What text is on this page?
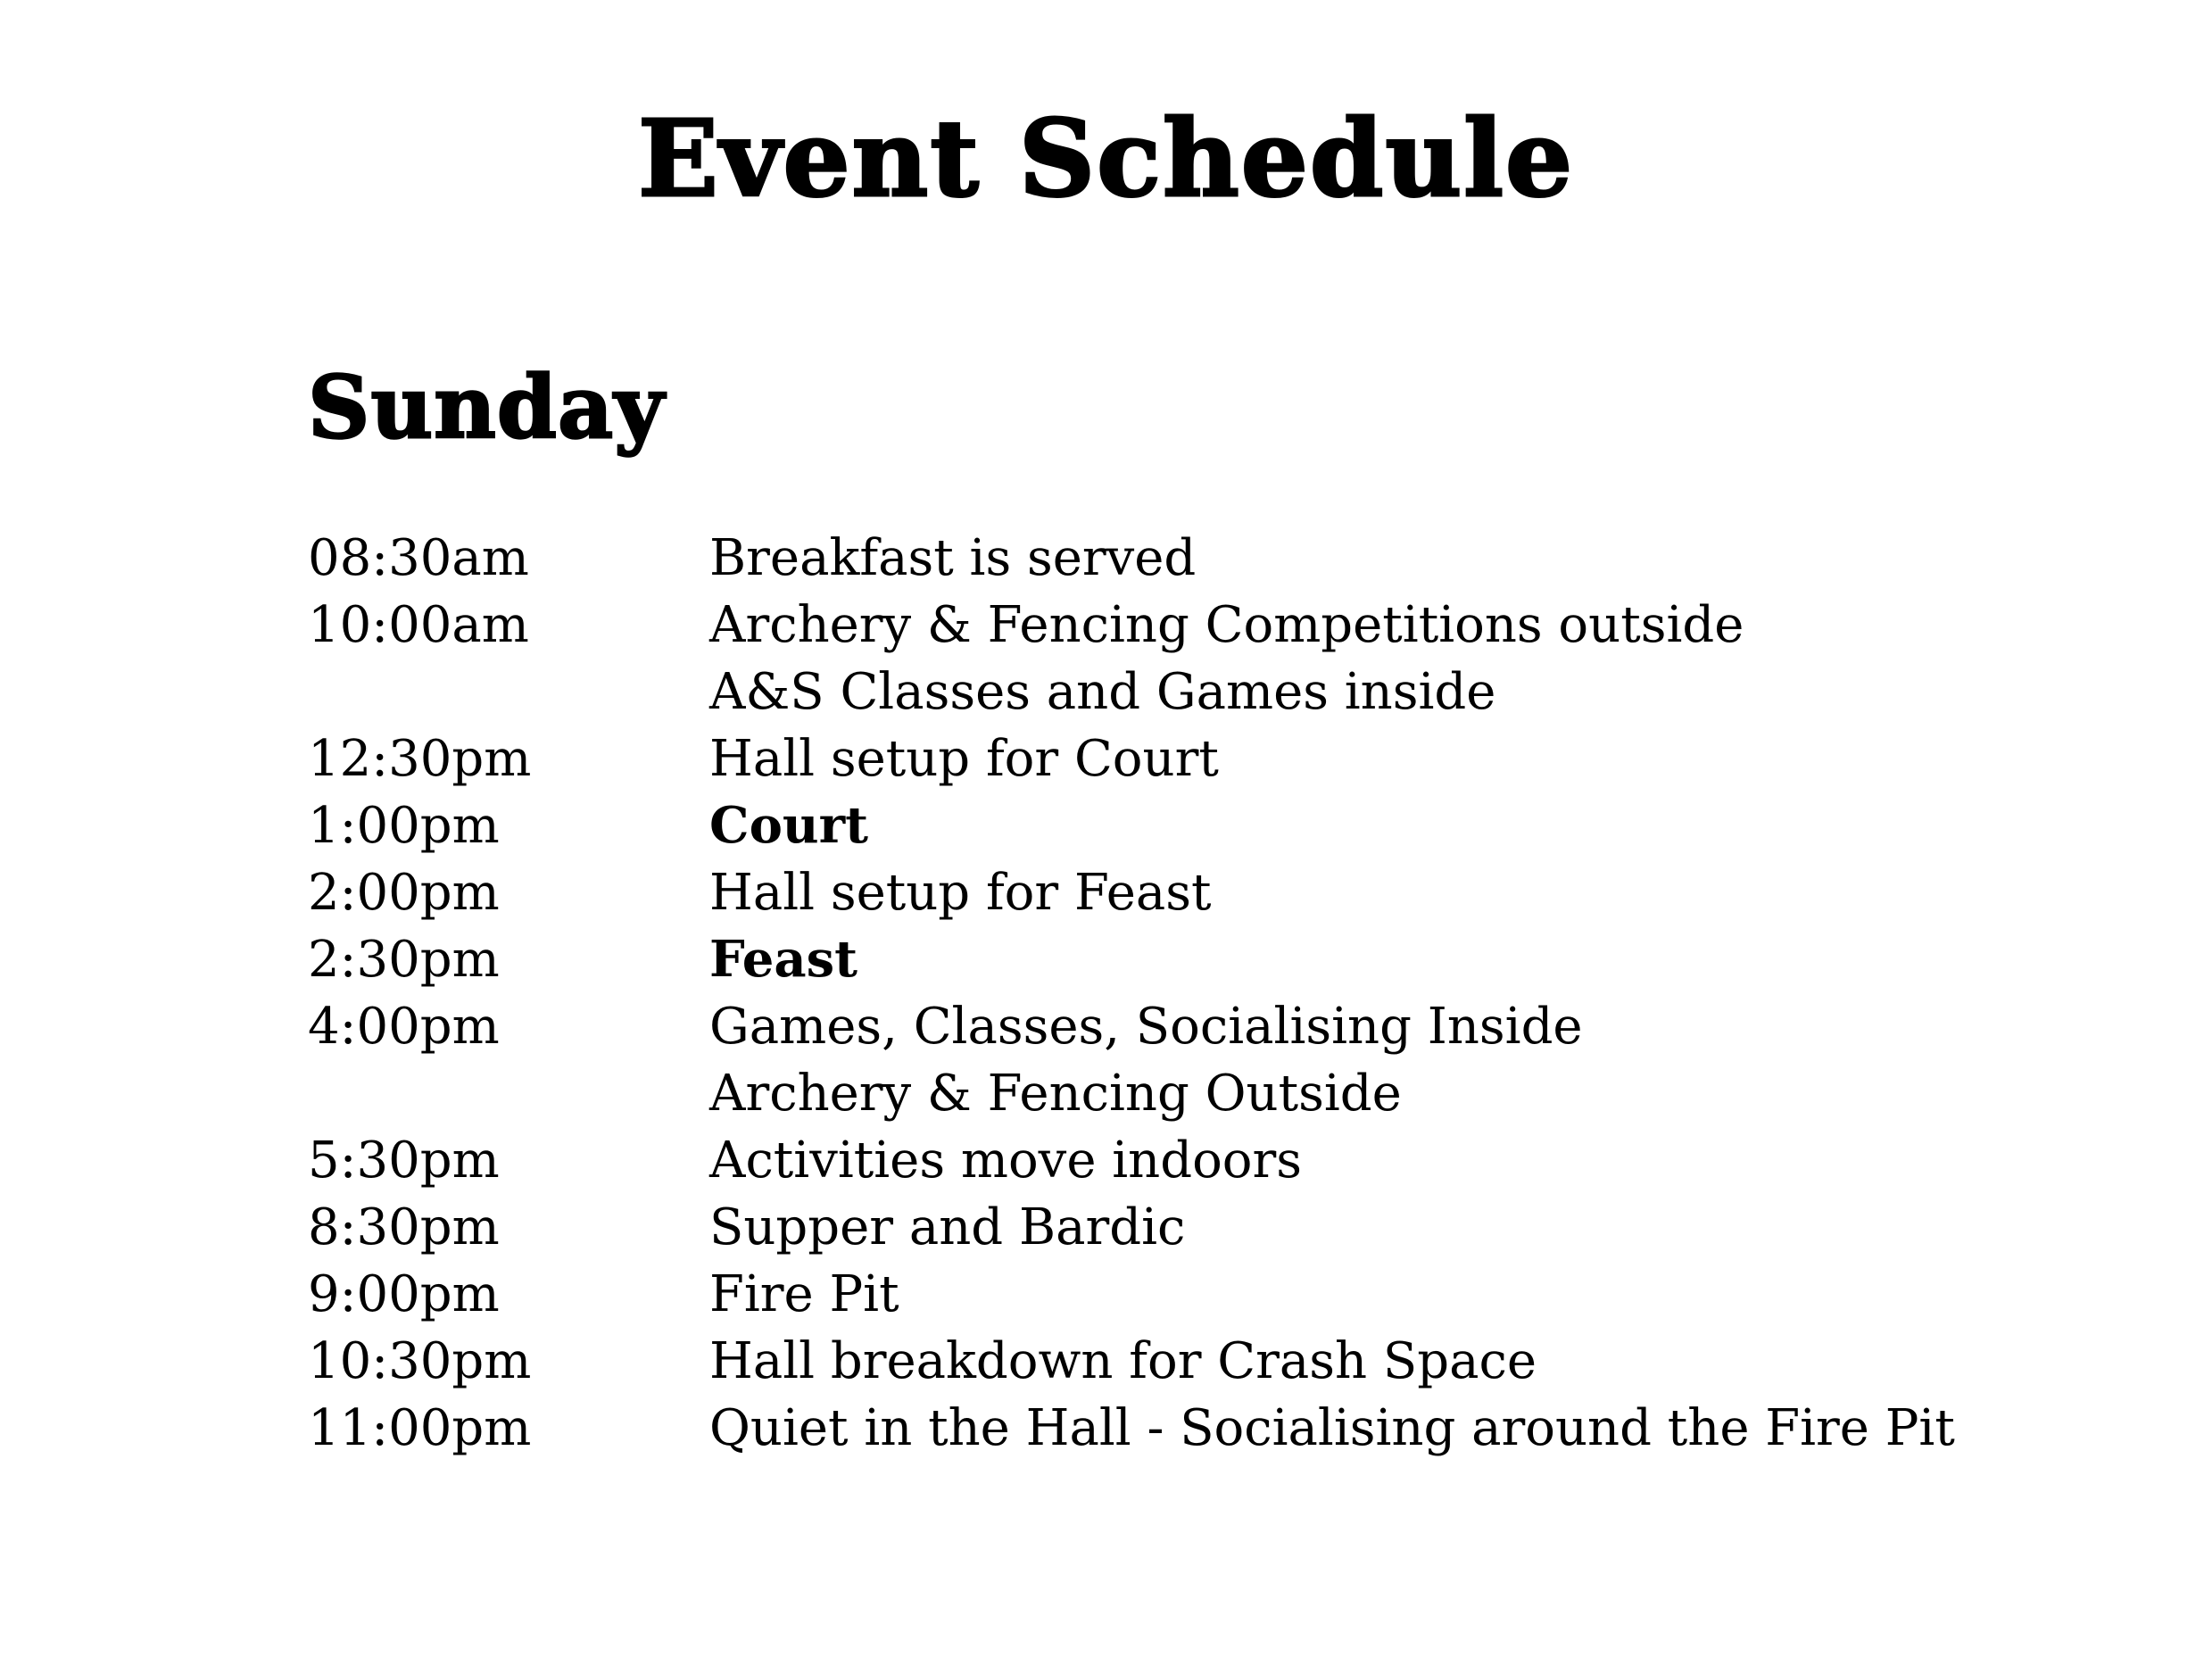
Event Schedule
Sunday
08:30am	Breakfast is served
10:00am	Archery & Fencing Competitions outside
A&S Classes and Games inside
12:30pm	Hall setup for Court
1:00pm	Court
2:00pm	Hall setup for Feast
2:30pm	Feast
4:00pm	Games, Classes, Socialising Inside
Archery & Fencing Outside
5:30pm	Activities move indoors
8:30pm	Supper and Bardic
9:00pm	Fire Pit
10:30pm	Hall breakdown for Crash Space
11:00pm	Quiet in the Hall - Socialising around the Fire Pit
